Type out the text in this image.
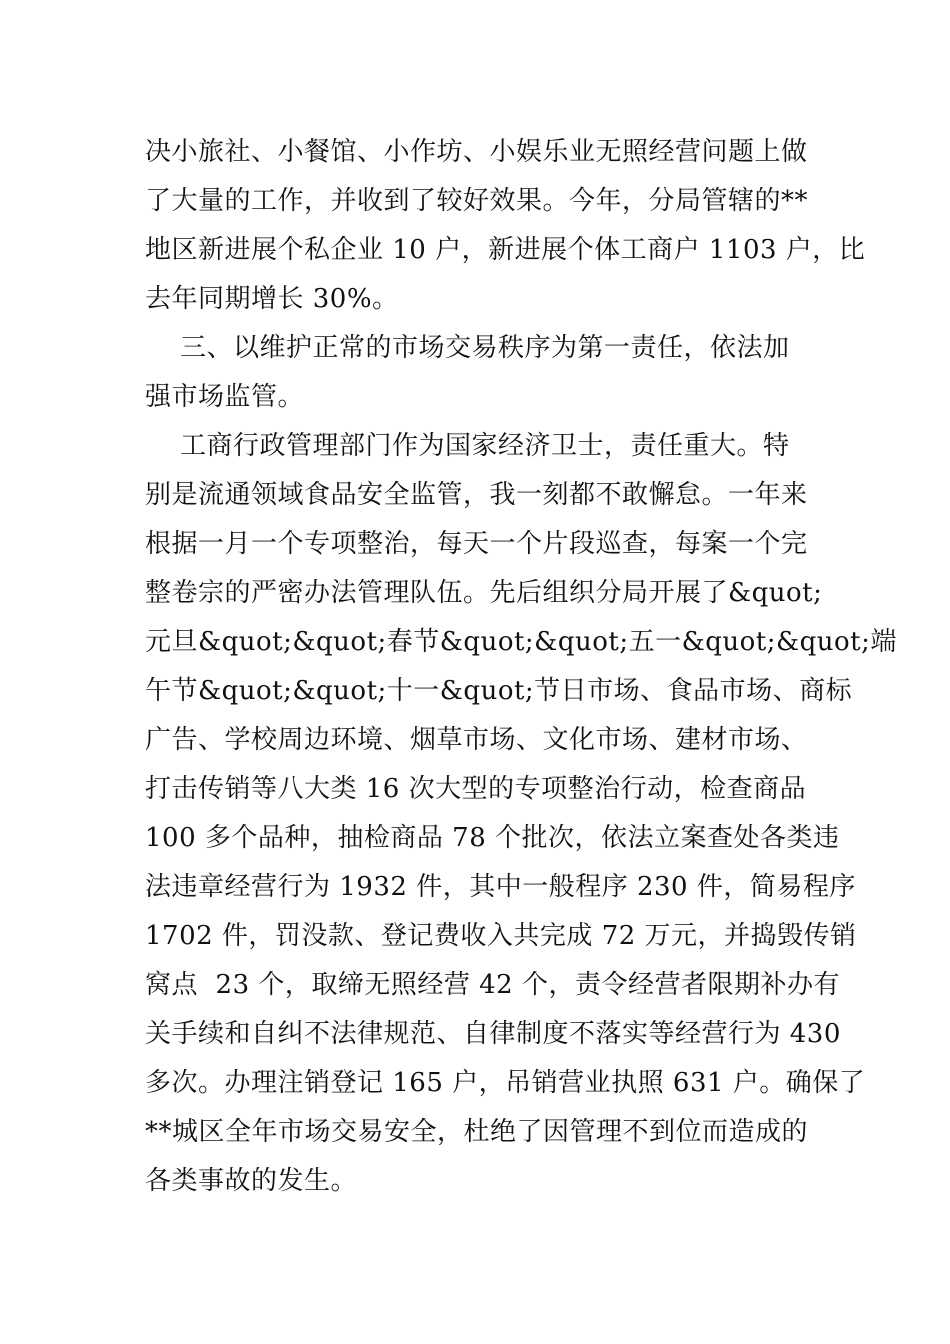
决小旅社、小餐馆、小作坊、小娱乐业无照经营问题上做
了大量的工作，并收到了较好效果。今年，分局管辖的**
地区新进展个私企业 10 户，新进展个体工商户 1103 户，比
去年同期增长 30%。
三、以维护正常的市场交易秩序为第一责任，依法加
强市场监管。
工商行政管理部门作为国家经济卫士，责任重大。特
别是流通领域食品安全监管，我一刻都不敢懈怠。一年来
根据一月一个专项整治，每天一个片段巡查，每案一个完
整卷宗的严密办法管理队伍。先后组织分局开展了&quot;
元旦&quot;&quot;春节&quot;&quot;五一&quot;&quot;端
午节&quot;&quot;十一&quot;节日市场、食品市场、商标
广告、学校周边环境、烟草市场、文化市场、建材市场、
打击传销等八大类 16 次大型的专项整治行动，检查商品
100 多个品种，抽检商品 78 个批次，依法立案查处各类违
法违章经营行为 1932 件，其中一般程序 230 件，简易程序
1702 件，罚没款、登记费收入共完成 72 万元，并捣毁传销
窝点  23 个，取缔无照经营 42 个，责令经营者限期补办有
关手续和自纠不法律规范、自律制度不落实等经营行为 430
多次。办理注销登记 165 户，吊销营业执照 631 户。确保了
**城区全年市场交易安全，杜绝了因管理不到位而造成的
各类事故的发生。
